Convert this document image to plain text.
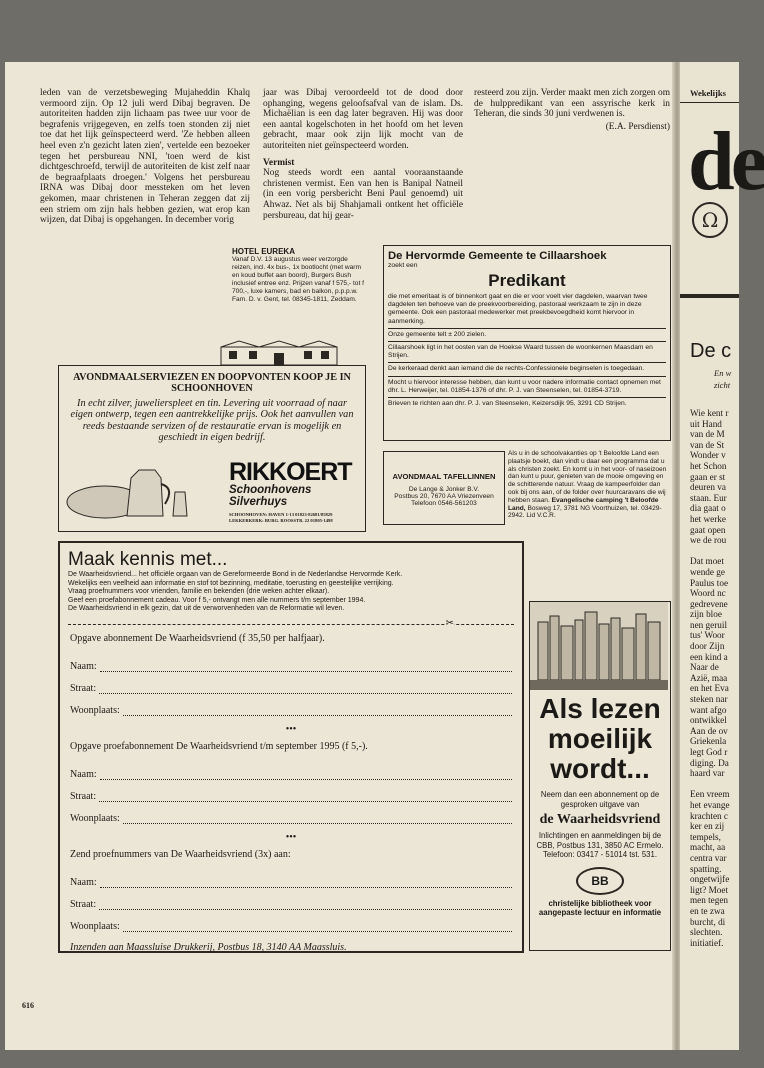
leden van de verzetsbeweging Mujaheddin Khalq vermoord zijn. Op 12 juli werd Dibaj begraven. De autoriteiten hadden zijn lichaam pas twee uur voor de begrafenis vrijgegeven, en zelfs toen stonden zij niet toe dat het lijk geïnspecteerd werd. 'Ze hebben alleen heel even z'n gezicht laten zien', vertelde een bezoeker tegen het persbureau NNI, 'toen werd de kist dichtgeschroefd, terwijl de autoriteiten de kist zelf naar de begraafplaats droegen.' Volgens het persbureau IRNA was Dibaj door messteken om het leven gekomen, maar christenen in Teheran zeggen dat zij een striem om zijn hals hebben gezien, wat erop kan wijzen, dat Dibaj is opgehangen. In december vorig

jaar was Dibaj veroordeeld tot de dood door ophanging, wegens geloofsafval van de islam. Ds. Michaëlian is een dag later begraven. Hij was door een aantal kogelschoten in het hoofd om het leven gebracht, maar ook zijn lijk mocht van de autoriteiten niet geïnspecteerd worden.

Vermist

Nog steeds wordt een aantal vooraanstaande christenen vermist. Een van hen is Banipal Natneil (in een vorig persbericht Beni Paul genoemd) uit Ahwaz. Net als bij Shahjamali ontkent het officiële persbureau, dat hij gear-

resteerd zou zijn. Verder maakt men zich zorgen om de hulppredikant van een assyrische kerk in Teheran, die sinds 30 juni verdwenen is.

(E.A. Persdienst)

HOTEL EUREKA
Vanaf D.V. 13 augustus weer verzorgde reizen, incl. 4x bus-, 1x bootlocht (met warm en koud buffet aan boord), Burgers Bush inclusief entree enz. Prijzen vanaf f 575,- tot f 700,-, luxe kamers, bad en balkon, p.p.p.w. Fam. D. v. Gent, tel. 08345-1811, Zeddam.
AVONDMAALSERVIEZEN EN DOOPVONTEN KOOP JE IN SCHOONHOVEN
In echt zilver, juwelierspleet en tin. Levering uit voorraad of naar eigen ontwerp, tegen een aantrekkelijke prijs. Ook het aanvullen van reeds bestaande servizen of de restauratie ervan is mogelijk en geschiedt in eigen bedrijf.
RIKKOERT
Schoonhovens Silverhuys
SCHOONHOVEN: HAVEN 1-13 01823-82681/85829
LEKKERKERK: BURG. ROOSSTR. 22 01805-1498
De Hervormde Gemeente te Cillaarshoek
zoekt een
Predikant
die met emeritaat is of binnenkort gaat en die er voor voelt vier dagdelen, waarvan twee dagdelen ten behoeve van de preekvoorbereiding, pastoraal werkzaam te zijn in deze gemeente. Ook een pastoraal medewerker met preekbevoegdheid komt hiervoor in aanmerking.
Onze gemeente telt ± 200 zielen.
Cillaarshoek ligt in het oosten van de Hoekse Waard tussen de woonkernen Maasdam en Strijen.
De kerkeraad denkt aan iemand die de rechts-Confessionele beginselen is toegedaan.
Mocht u hiervoor interesse hebben, dan kunt u voor nadere informatie contact opnemen met dhr. L. Herweijer, tel. 01854-1376 of dhr. P. J. van Steenselen, tel. 01854-3719.
Brieven te richten aan dhr. P. J. van Steenselen, Keizersdijk 95, 3291 CD Strijen.
AVONDMAAL TAFELLINNEN
De Lange & Jonker B.V.
Postbus 20, 7670 AA Vriezenveen
Telefoon 0546-561203
Als u in de schoolvakanties op 't Beloofde Land een plaatsje boekt, dan vindt u daar een programma dat u als christen zoekt. En komt u in het voor- of naseizoen dan kunt u puur, genieten van de mooie omgeving en de schitterende natuur. Vraag de kampeerfolder dan ook bij ons aan, of de folder over huurcaravans die wij hebben staan. Evangelische camping 't Beloofde Land, Bosweg 17, 3781 NG Voorthuizen, tel. 03429-2942. Lid V.C.R.
Als lezen
moeilijk
wordt...
Neem dan een abonnement op de gesproken uitgave van
de Waarheidsvriend
Inlichtingen en aanmeldingen bij de CBB, Postbus 131, 3850 AC Ermelo. Telefoon: 03417 - 51014 tst. 531.
BB
christelijke bibliotheek voor aangepaste lectuur en informatie
Maak kennis met...
De Waarheidsvriend... het officiële orgaan van de Gereformeerde Bond in de Nederlandse Hervormde Kerk.
Wekelijks een veelheid aan informatie en stof tot bezinning, meditatie, toerusting en geestelijke verrijking.
Vraag proefnummers voor vrienden, familie en bekenden (drie weken achter elkaar).
Geef een proefabonnement cadeau. Voor f 5,- ontvangt men alle nummers t/m september 1994.
De Waarheidsvriend in elk gezin, dat uit de verworvenheden van de Reformatie wil leven.
✂
Opgave abonnement De Waarheidsvriend (f 35,50 per halfjaar).
Naam:
Straat:
Woonplaats:
•••
Opgave proefabonnement De Waarheidsvriend t/m september 1995 (f 5,-).
Naam:
Straat:
Woonplaats:
•••
Zend proefnummers van De Waarheidsvriend (3x) aan:
Naam:
Straat:
Woonplaats:
Inzenden aan Maassluise Drukkerij, Postbus 18, 3140 AA Maassluis.
616
Wekelijks
de
Ω
De c
En w
zicht
Wie kent r
uit Hand
van de M
van de St
Wonder v
het Schon
gaan er st
deuren va
staan. Eur
dia gaat o
het werke
gaat open
we de rou

Dat moet
wende ge
Paulus toe
Woord nc
gedrevene
zijn bloe
nen geruil
tus' Woor
door Zijn
een kind a
Naar de
Azië, maa
en het Eva
steken nar
want afgo
ontwikkel
Aan de ov
Griekenla
legt God r
diging. Da
haard var

Een vreem
het evange
krachten c
ker en zij
tempels,
macht, aa
centra var
spatting.
ongetwijfe
ligt? Moet
men tegen
en te zwa
burcht, di
slechten.
initiatief.
